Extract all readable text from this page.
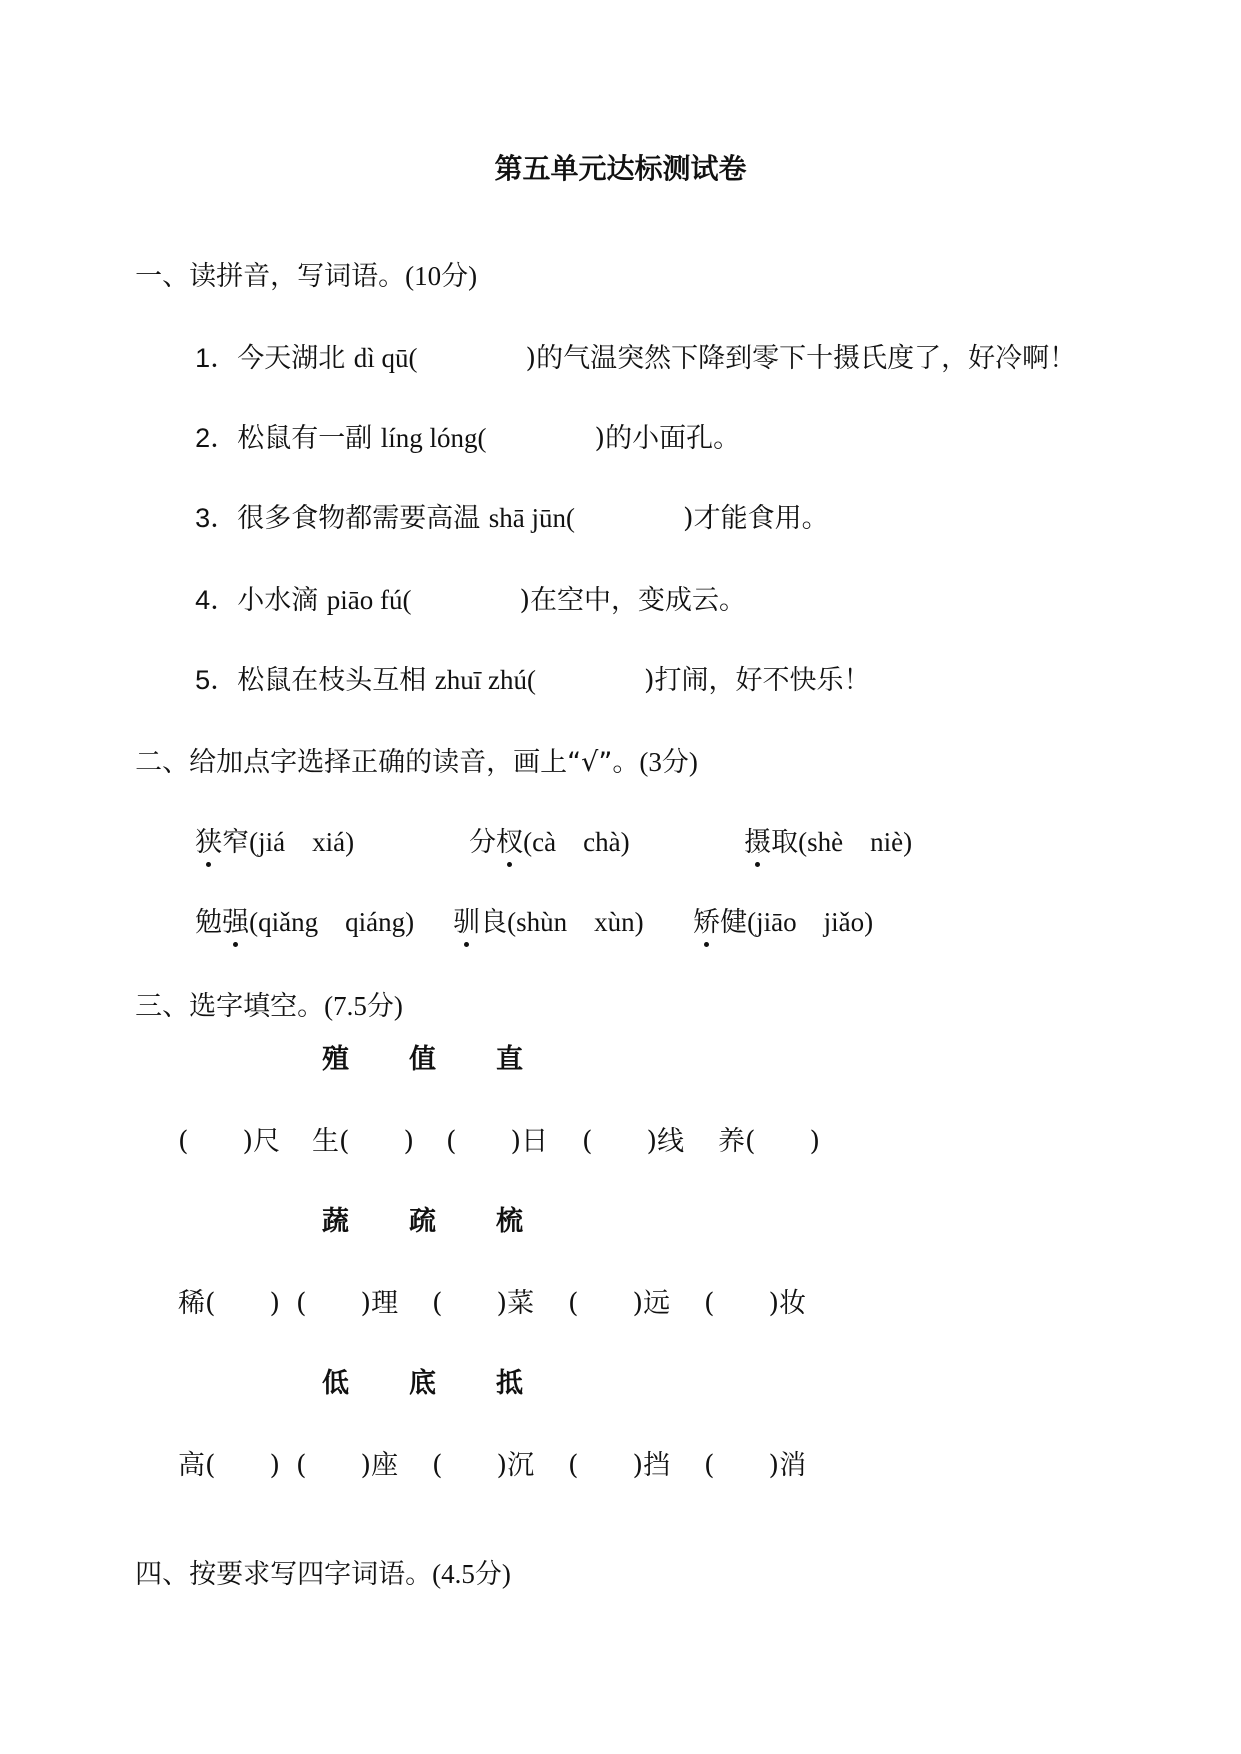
第五单元达标测试卷

一、读拼音，写词语。(10分)

1．今天湖北 dì qū(	)的气温突然下降到零下十摄氏度了，好冷啊！

2．松鼠有一副 líng lóng(	)的小面孔。

3．很多食物都需要高温 shā jūn(	)才能食用。

4．小水滴 piāo fú(	)在空中，变成云。

5．松鼠在枝头互相 zhuī zhú(	)打闹，好不快乐！

二、给加点字选择正确的读音，画上“√”。(3分)

狭窄(jiá　xiá)	分杈(cà　chà)	摄取(shè　niè)

勉强(qiǎng　qiáng)	驯良(shùn　xùn)	矫健(jiāo　jiǎo)

三、选字填空。(7.5分)

殖 值 直
(　　)尺 生(　　) (　　)日 (　　)线 养(　　)
蔬 疏 梳
稀(　　) (　　)理 (　　)菜 (　　)远 (　　)妆
低 底 抵
高(　　) (　　)座 (　　)沉 (　　)挡 (　　)消

四、按要求写四字词语。(4.5分)
